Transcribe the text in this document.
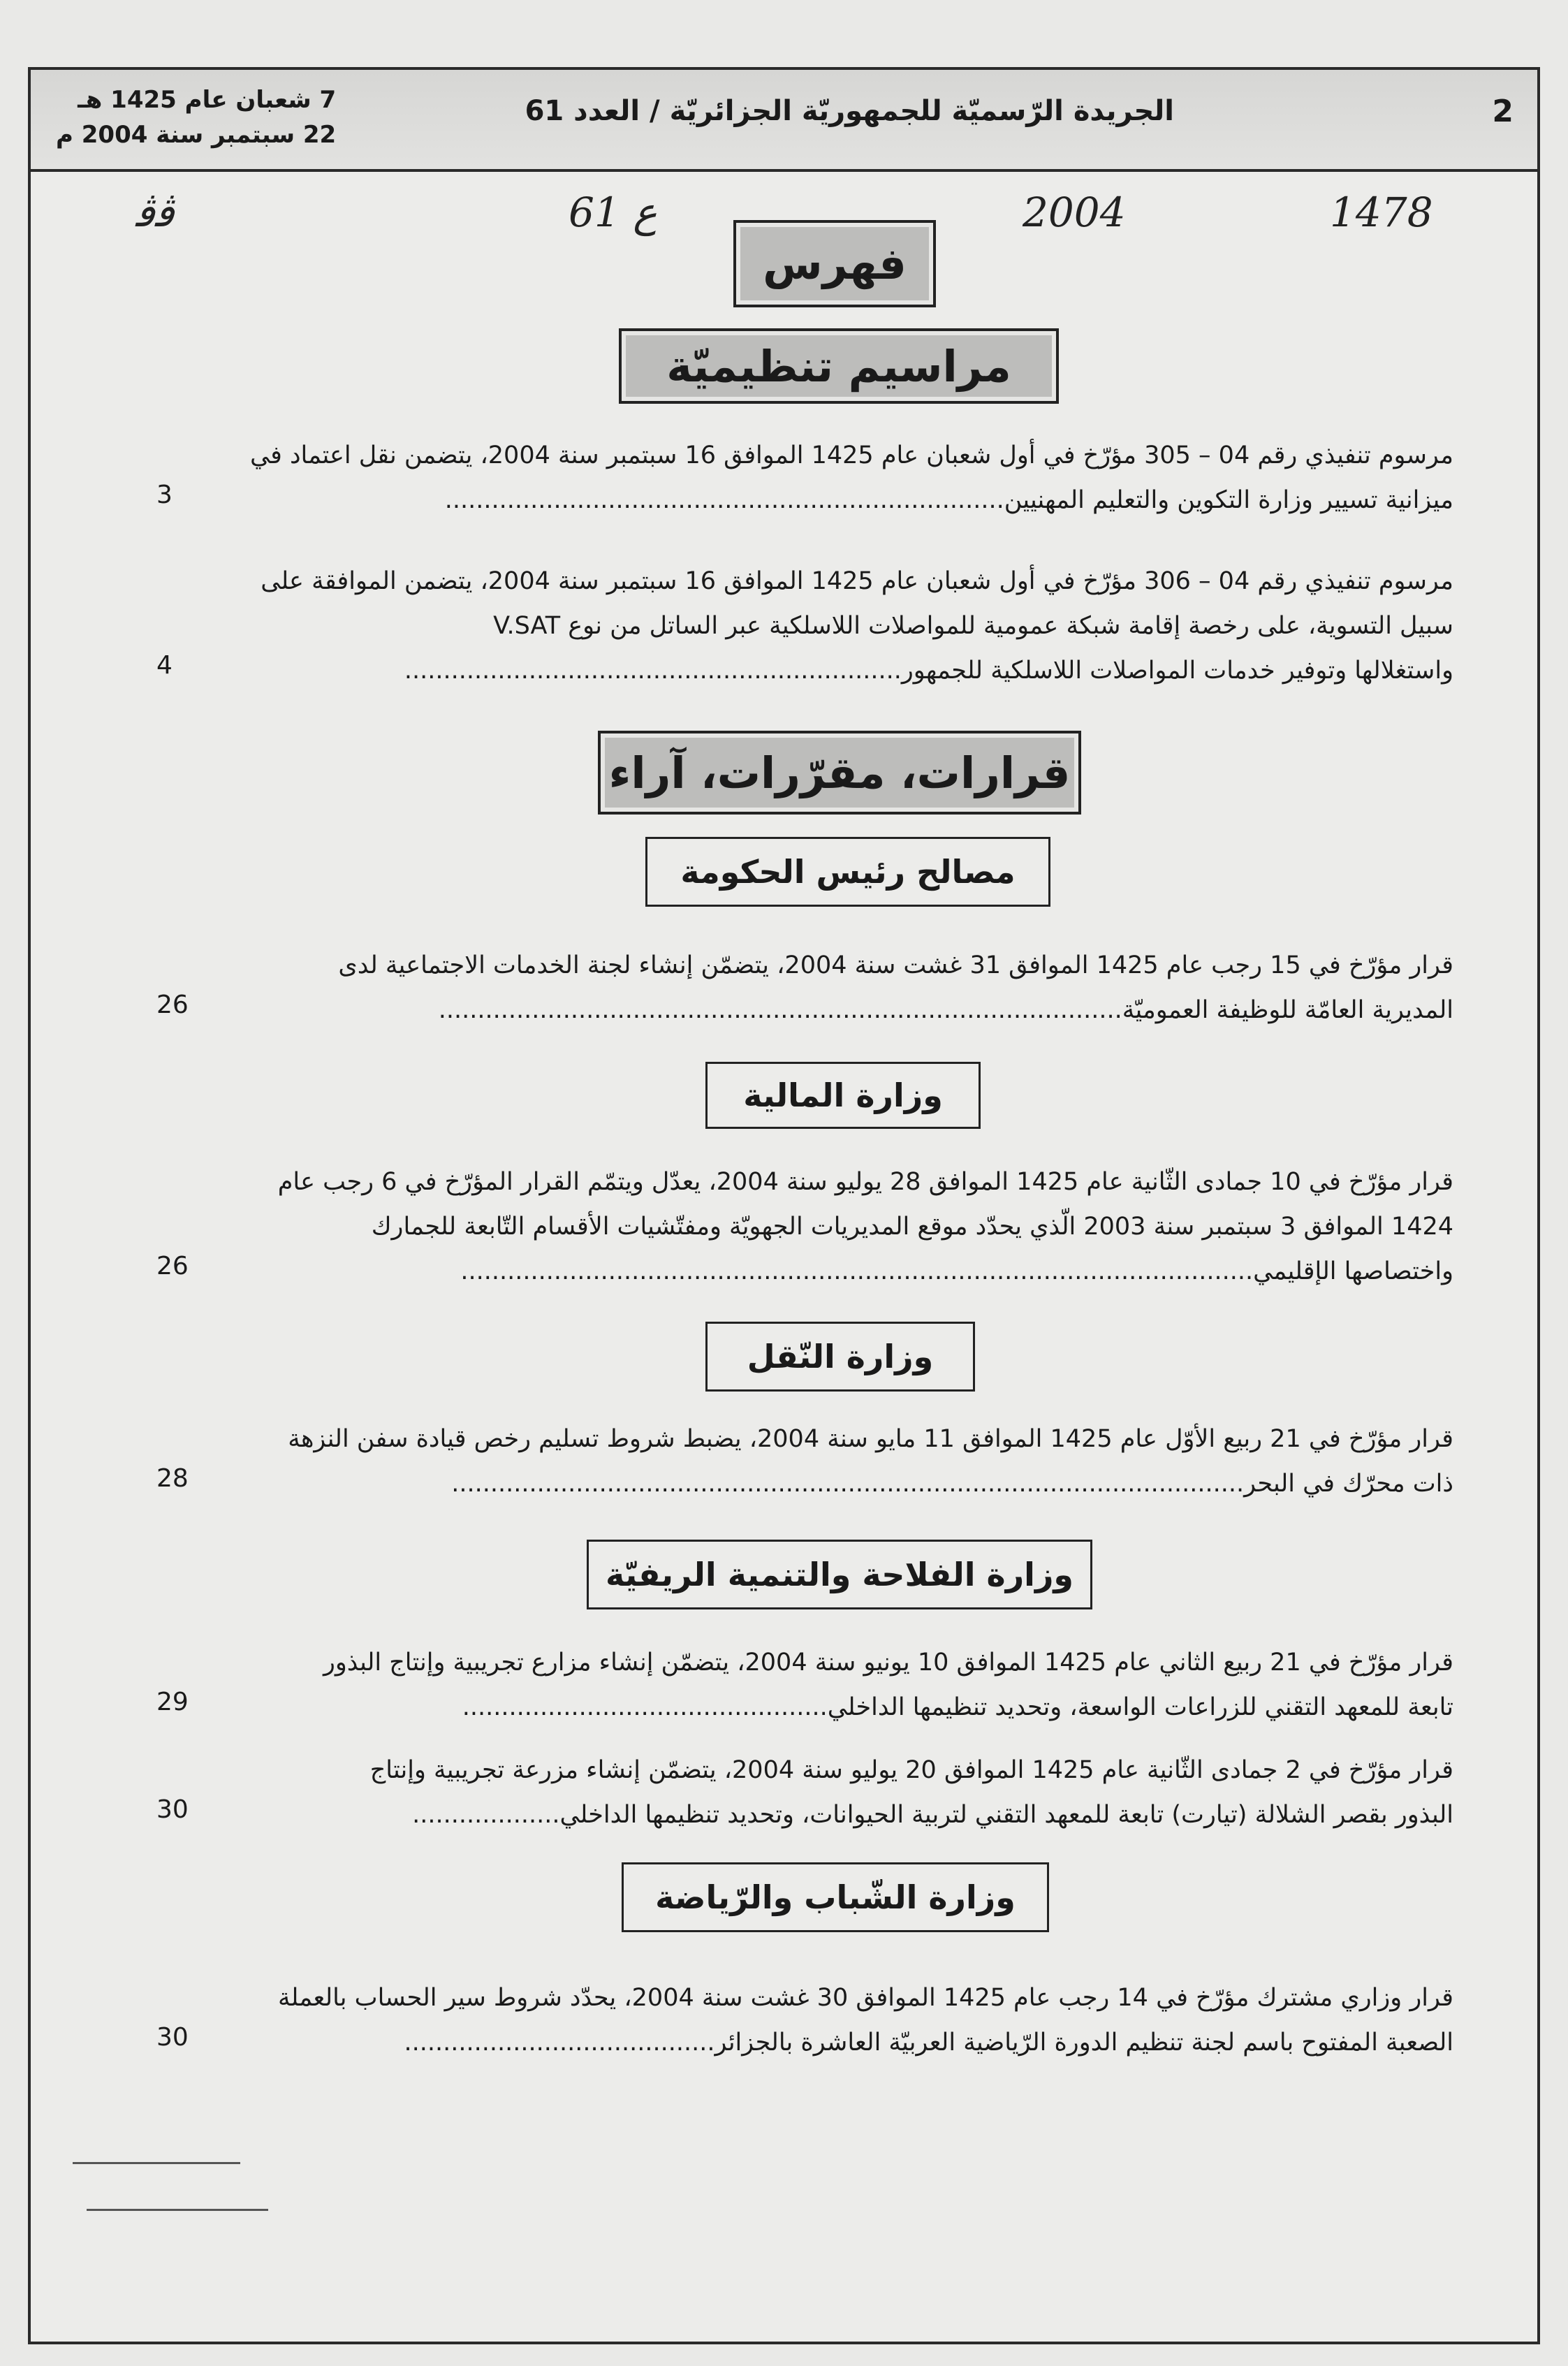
2
الجريدة الرّسميّة للجمهوريّة الجزائريّة / العدد 61
7 شعبان عام 1425 هـ
22 سبتمبر سنة 2004 م
ﭬﭬ	ع 61	2004	1478
فهرس
مراسيم تنظيميّة
مرسوم تنفيذي رقم 04 – 305 مؤرّخ في أول شعبان عام 1425 الموافق 16 سبتمبر سنة 2004، يتضمن نقل اعتماد في
ميزانية تسيير وزارة التكوين والتعليم المهنيين........................................................................
3
مرسوم تنفيذي رقم 04 – 306 مؤرّخ في أول شعبان عام 1425 الموافق 16 سبتمبر سنة 2004، يتضمن الموافقة على
سبيل التسوية، على رخصة إقامة شبكة عمومية للمواصلات اللاسلكية عبر الساتل من نوع V.SAT
واستغلالها وتوفير خدمات المواصلات اللاسلكية للجمهور................................................................
4
قرارات، مقرّرات، آراء
مصالح رئيس الحكومة
قرار مؤرّخ في 15 رجب عام 1425 الموافق 31 غشت سنة 2004، يتضمّن إنشاء لجنة الخدمات الاجتماعية لدى
المديرية العامّة للوظيفة العموميّة........................................................................................
26
وزارة المالية
قرار مؤرّخ في 10 جمادى الثّانية عام 1425 الموافق 28 يوليو سنة 2004، يعدّل ويتمّم القرار المؤرّخ في 6 رجب عام
1424 الموافق 3 سبتمبر سنة 2003 الّذي يحدّد موقع المديريات الجهويّة ومفتّشيات الأقسام التّابعة للجمارك
واختصاصها الإقليمي......................................................................................................
26
وزارة النّقل
قرار مؤرّخ في 21 ربيع الأوّل عام 1425 الموافق 11 مايو سنة 2004، يضبط شروط تسليم رخص قيادة سفن النزهة
ذات محرّك في البحر......................................................................................................
28
وزارة الفلاحة والتنمية الريفيّة
قرار مؤرّخ في 21 ربيع الثاني عام 1425 الموافق 10 يونيو سنة 2004، يتضمّن إنشاء مزارع تجريبية وإنتاج البذور
تابعة للمعهد التقني للزراعات الواسعة، وتحديد تنظيمها الداخلي...............................................
29
قرار مؤرّخ في 2 جمادى الثّانية عام 1425 الموافق 20 يوليو سنة 2004، يتضمّن إنشاء مزرعة تجريبية وإنتاج
البذور بقصر الشلالة (تيارت) تابعة للمعهد التقني لتربية الحيوانات، وتحديد تنظيمها الداخلي...................
30
وزارة الشّباب والرّياضة
قرار وزاري مشترك مؤرّخ في 14 رجب عام 1425 الموافق 30 غشت سنة 2004، يحدّد شروط سير الحساب بالعملة
الصعبة المفتوح باسم لجنة تنظيم الدورة الرّياضية العربيّة العاشرة بالجزائر........................................
30
